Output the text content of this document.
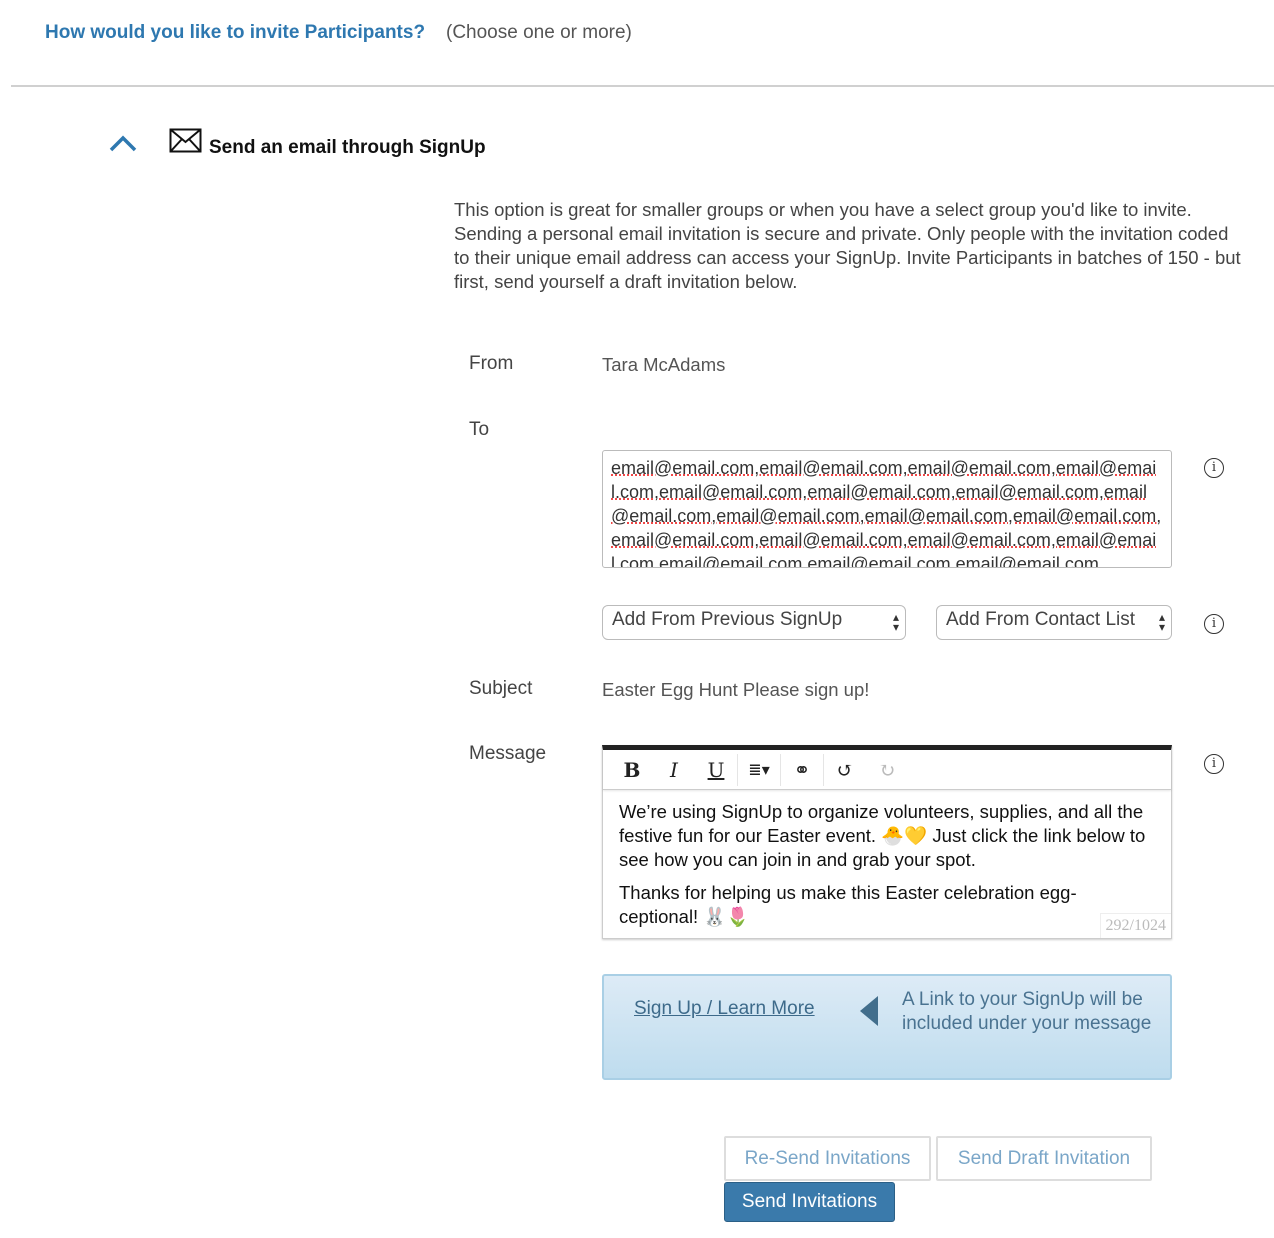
How would you like to invite Participants? (Choose one or more)
Send an email through SignUp
This option is great for smaller groups or when you have a select group you'd like to invite.
Sending a personal email invitation is secure and private. Only people with the invitation coded to their unique email address can access your SignUp. Invite Participants in batches of 150 - but first, send yourself a draft invitation below.
From	Tara McAdams
To
email@email.com,email@email.com,email@email.com,email@email.com,email@email.com,email@email.com,email@email.com,email@email.com,email@email.com,email@email.com,email@email.com,email@email.com,email@email.com,email@email.com,email@email.com,email@email.com,email@email.com,email@email.com
i
Add From Previous SignUp	▴
▾	Add From Contact List ▴
▾	i
Subject	Easter Egg Hunt Please sign up!
Message
B	I	U	≣▾	⚭	↺	↻

We’re using SignUp to organize volunteers, supplies, and all the festive fun for our Easter event. 🐣💛 Just click the link below to see how you can join in and grab your spot.

Thanks for helping us make this Easter celebration egg-ceptional! 🐰🌷	292/1024
i
Sign Up / Learn More	A Link to your SignUp will be included under your message
Re-Send Invitations	Send Draft Invitation
Send Invitations
